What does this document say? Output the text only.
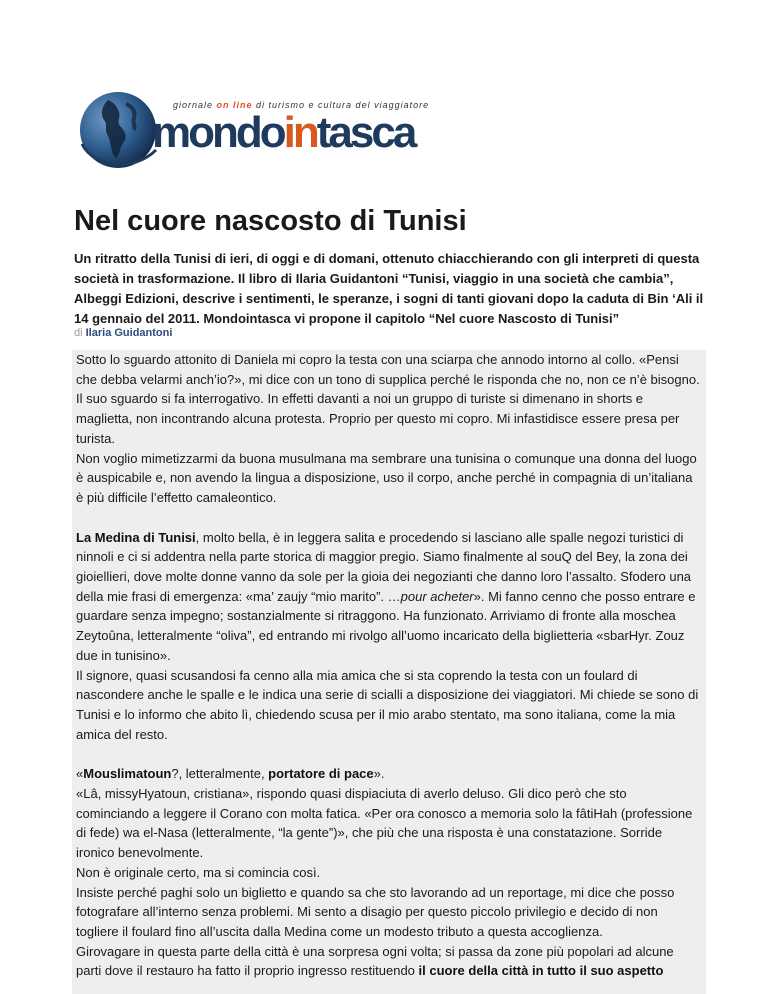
giornale on line di turismo e cultura del viaggiatore
mondointasca
Nel cuore nascosto di Tunisi

Un ritratto della Tunisi di ieri, di oggi e di domani, ottenuto chiacchierando con gli interpreti di questa società in trasformazione. Il libro di Ilaria Guidantoni “Tunisi, viaggio in una società che cambia”, Albeggi Edizioni, descrive i sentimenti, le speranze, i sogni di tanti giovani dopo la caduta di Bin ‘Ali il 14 gennaio del 2011. Mondointasca vi propone il capitolo “Nel cuore Nascosto di Tunisi”

di Ilaria Guidantoni

Sotto lo sguardo attonito di Daniela mi copro la testa con una sciarpa che annodo intorno al collo. «Pensi che debba velarmi anch’io?», mi dice con un tono di supplica perché le risponda che no, non ce n’è bisogno. Il suo sguardo si fa interrogativo. In effetti davanti a noi un gruppo di turiste si dimenano in shorts e maglietta, non incontrando alcuna protesta. Proprio per questo mi copro. Mi infastidisce essere presa per turista.

Non voglio mimetizzarmi da buona musulmana ma sembrare una tunisina o comunque una donna del luogo è auspicabile e, non avendo la lingua a disposizione, uso il corpo, anche perché in compagnia di un’italiana è più difficile l’effetto camaleontico.

La Medina di Tunisi, molto bella, è in leggera salita e procedendo si lasciano alle spalle negozi turistici di ninnoli e ci si addentra nella parte storica di maggior pregio. Siamo finalmente al souQ del Bey, la zona dei gioiellieri, dove molte donne vanno da sole per la gioia dei negozianti che danno loro l’assalto. Sfodero una della mie frasi di emergenza: «ma’ zaujy “mio marito”. …pour acheter». Mi fanno cenno che posso entrare e guardare senza impegno; sostanzialmente si ritraggono. Ha funzionato. Arriviamo di fronte alla moschea Zeytoûna, letteralmente “oliva”, ed entrando mi rivolgo all’uomo incaricato della biglietteria «sbarHyr. Zouz due in tunisino».

Il signore, quasi scusandosi fa cenno alla mia amica che si sta coprendo la testa con un foulard di nascondere anche le spalle e le indica una serie di scialli a disposizione dei viaggiatori. Mi chiede se sono di Tunisi e lo informo che abito lì, chiedendo scusa per il mio arabo stentato, ma sono italiana, come la mia amica del resto.

«Mouslimatoun?, letteralmente, portatore di pace».

«Lâ, missyHyatoun, cristiana», rispondo quasi dispiaciuta di averlo deluso. Gli dico però che sto cominciando a leggere il Corano con molta fatica. «Per ora conosco a memoria solo la fâtiHah (professione di fede) wa el-Nasa (letteralmente, “la gente”)», che più che una risposta è una constatazione. Sorride ironico benevolmente.

Non è originale certo, ma si comincia così.

Insiste perché paghi solo un biglietto e quando sa che sto lavorando ad un reportage, mi dice che posso fotografare all’interno senza problemi. Mi sento a disagio per questo piccolo privilegio e decido di non togliere il foulard fino all’uscita dalla Medina come un modesto tributo a questa accoglienza.

Girovagare in questa parte della città è una sorpresa ogni volta; si passa da zone più popolari ad alcune parti dove il restauro ha fatto il proprio ingresso restituendo il cuore della città in tutto il suo aspetto
